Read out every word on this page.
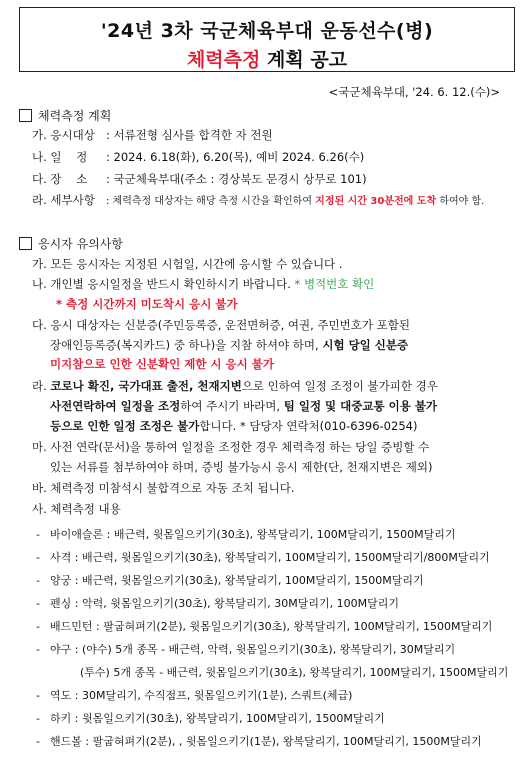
'24년 3차 국군체육부대 운동선수(병)
체력측정 계획 공고
<국군체육부대, '24. 6. 12.(수)>
체력측정 계획
가. 응시대상 : 서류전형 심사를 합격한 자 전원
나. 일    정 : 2024. 6.18(화), 6.20(목), 예비 2024. 6.26(수)
다. 장    소 : 국군체육부대(주소 : 경상북도 문경시 상무로 101)
라. 세부사항 : 체력측정 대상자는 해당 측정 시간을 확인하여 지정된 시간 30분전에 도착 하여야 함.
응시자 유의사항
가. 모든 응시자는 지정된 시험일, 시간에 응시할 수 있습니다 .
나. 개인별 응시일정을 반드시 확인하시기 바랍니다. * 병적번호 확인
* 측정 시간까지 미도착시 응시 불가
다. 응시 대상자는 신분증(주민등록증, 운전면허증, 여권, 주민번호가 포함된
장애인등록증(복지카드) 중 하나)을 지참 하셔야 하며, 시험 당일 신분증
미지참으로 인한 신분확인 제한 시 응시 불가
라. 코로나 확진, 국가대표 출전, 천재지변으로 인하여 일정 조정이 불가피한 경우
사전연락하여 일정을 조정하여 주시기 바라며, 팀 일정 및 대중교통 이용 불가
등으로 인한 일정 조정은 불가합니다. * 담당자 연락처(010-6396-0254)
마. 사전 연락(문서)을 통하여 일정을 조정한 경우 체력측정 하는 당일 증빙할 수
있는 서류를 첨부하여야 하며, 증빙 불가능시 응시 제한(단, 천재지변은 제외)
바. 체력측정 미참석시 불합격으로 자동 조치 됩니다.
사. 체력측정 내용
- 바이애슬론 : 배근력, 윗몸일으키기(30초), 왕복달리기, 100M달리기, 1500M달리기
- 사격 : 배근력, 윗몸일으키기(30초), 왕복달리기, 100M달리기, 1500M달리기/800M달리기
- 양궁 : 배근력, 윗몸일으키기(30초), 왕복달리기, 100M달리기, 1500M달리기
- 펜싱 : 악력, 윗몸일으키기(30초), 왕복달리기, 30M달리기, 100M달리기
- 배드민턴 : 팔굽혀펴기(2분), 윗몸일으키기(30초), 왕복달리기, 100M달리기, 1500M달리기
- 야구 : (야수) 5개 종목 - 배근력, 악력, 윗몸일으키기(30초), 왕복달리기, 30M달리기
(투수) 5개 종목 - 배근력, 윗몸일으키기(30초), 왕복달리기, 100M달리기, 1500M달리기
- 역도 : 30M달리기, 수직점프, 윗몸일으키기(1분), 스쿼트(체급)
- 하키 : 윗몸일으키기(30초), 왕복달리기, 100M달리기, 1500M달리기
- 핸드볼 : 팔굽혀펴기(2분), , 윗몸일으키기(1분), 왕복달리기, 100M달리기, 1500M달리기
